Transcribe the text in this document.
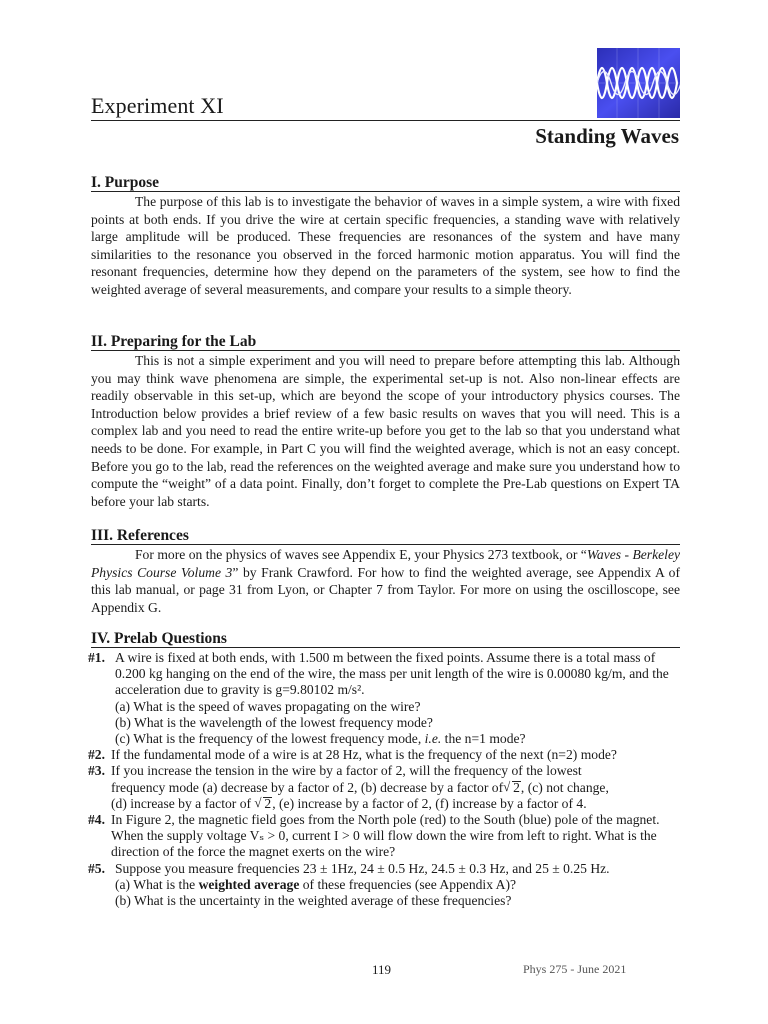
Experiment XI
Standing Waves
I. Purpose
The purpose of this lab is to investigate the behavior of waves in a simple system, a wire with fixed points at both ends. If you drive the wire at certain specific frequencies, a standing wave with relatively large amplitude will be produced. These frequencies are resonances of the system and have many similarities to the resonance you observed in the forced harmonic motion apparatus. You will find the resonant frequencies, determine how they depend on the parameters of the system, see how to find the weighted average of several measurements, and compare your results to a simple theory.
II. Preparing for the Lab
This is not a simple experiment and you will need to prepare before attempting this lab. Although you may think wave phenomena are simple, the experimental set-up is not. Also non-linear effects are readily observable in this set-up, which are beyond the scope of your introductory physics courses. The Introduction below provides a brief review of a few basic results on waves that you will need. This is a complex lab and you need to read the entire write-up before you get to the lab so that you understand what needs to be done. For example, in Part C you will find the weighted average, which is not an easy concept. Before you go to the lab, read the references on the weighted average and make sure you understand how to compute the “weight” of a data point. Finally, don’t forget to complete the Pre-Lab questions on Expert TA before your lab starts.
III. References
For more on the physics of waves see Appendix E, your Physics 273 textbook, or “Waves - Berkeley Physics Course Volume 3” by Frank Crawford. For how to find the weighted average, see Appendix A of this lab manual, or page 31 from Lyon, or Chapter 7 from Taylor. For more on using the oscilloscope, see Appendix G.
IV. Prelab Questions
#1. A wire is fixed at both ends, with 1.500 m between the fixed points. Assume there is a total mass of 0.200 kg hanging on the end of the wire, the mass per unit length of the wire is 0.00080 kg/m, and the acceleration due to gravity is g=9.80102 m/s².
(a) What is the speed of waves propagating on the wire?
(b) What is the wavelength of the lowest frequency mode?
(c) What is the frequency of the lowest frequency mode, i.e. the n=1 mode?
#2. If the fundamental mode of a wire is at 28 Hz, what is the frequency of the next (n=2) mode?
#3. If you increase the tension in the wire by a factor of 2, will the frequency of the lowest
frequency mode (a) decrease by a factor of 2, (b) decrease by a factor of √ 2, (c) not change,
(d) increase by a factor of √ 2, (e) increase by a factor of 2, (f) increase by a factor of 4.
#4. In Figure 2, the magnetic field goes from the North pole (red) to the South (blue) pole of the magnet. When the supply voltage Vₛ > 0, current I > 0 will flow down the wire from left to right. What is the direction of the force the magnet exerts on the wire?
#5. Suppose you measure frequencies 23 ± 1Hz, 24 ± 0.5 Hz, 24.5 ± 0.3 Hz, and 25 ± 0.25 Hz.
(a) What is the weighted average of these frequencies (see Appendix A)?
(b) What is the uncertainty in the weighted average of these frequencies?
119	Phys 275 - June 2021
